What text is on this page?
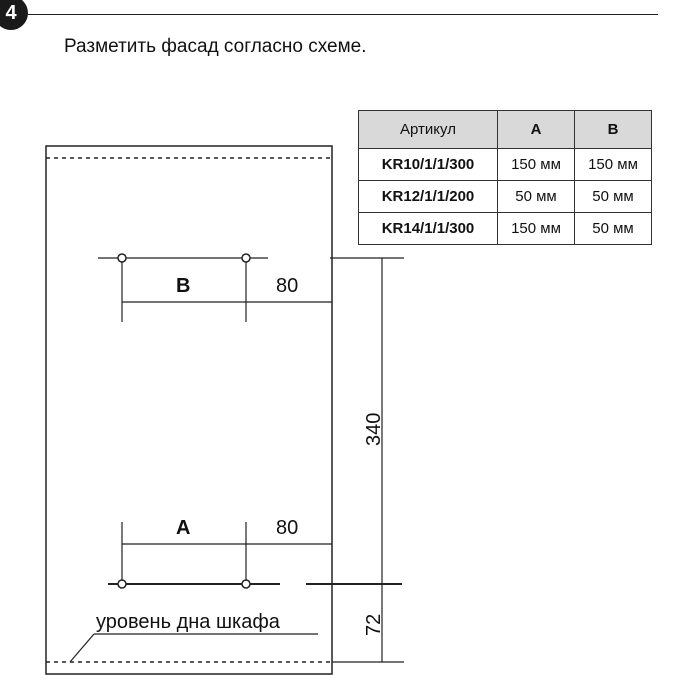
4
Разметить фасад согласно схеме.
Артикул	A	B
KR10/1/1/300	150 мм	150 мм
KR12/1/1/200	50 мм	50 мм
KR14/1/1/300	150 мм	50 мм
B	80
A	80
340
72
уровень дна шкафа
